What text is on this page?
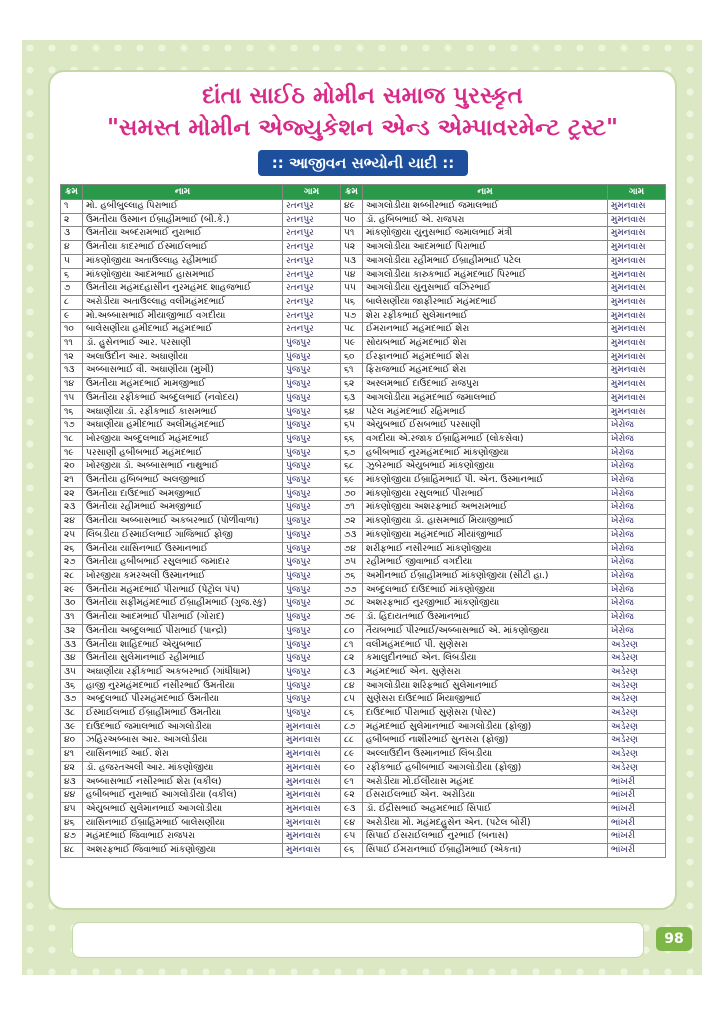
દાંતા સાઈઠ મોમીન સમાજ પુરસ્કૃત
"સમસ્ત મોમીન એજ્યુકેશન એન્ડ એમ્પાવરમેન્ટ ટ્રસ્ટ"
:: આજીવન સભ્યોની યાદી ::
ક્રમ	નામ	ગામ	ક્રમ	નામ	ગામ
૧	મો. હબીબુલ્લાહ પિરાભાઈ	રતનપુર	૪૯	આગલોડીયા શબ્બીરભાઈ જમાલભાઈ	મુમનવાસ
૨	ઉમતીયા ઉસ્માન ઈબ્રાહીમભાઈ (બી.કે.)	રતનપુર	૫૦	ડૉ. હબિબભાઈ એ. રાજપરા	મુમનવાસ
૩	ઉમતીયા અબ્દરામભાઈ નુરાભાઈ	રતનપુર	૫૧	માંકણોજીયા યુનુસભાઈ જમાલભાઈ મંત્રી	મુમનવાસ
૪	ઉમતીયા કાદરભાઈ ઈસ્માઈલભાઈ	રતનપુર	૫૨	આગલોડીયા આદમભાઈ પિરાભાઈ	મુમનવાસ
૫	માંકણોજીયા અતાઉલ્લાહ રહીમભાઈ	રતનપુર	૫૩	આગલોડીયા રહીમભાઈ ઈબ્રાહીમભાઈ પટેલ	મુમનવાસ
૬	માંકણોજીયા આદમભાઈ હાસમભાઈ	રતનપુર	૫૪	આગલોડીયા કારુકભાઈ મહંમદભાઈ પિરભાઈ	મુમનવાસ
૭	ઉમતીયા મહંમદહાસીન નુરમહંમદ શાહજભાઈ	રતનપુર	૫૫	આગલોડીયા યુનુસભાઈ વઝિરભાઈ	મુમનવાસ
૮	અરોડીયા અતાઉલ્લાહ વલીમહંમદભાઈ	રતનપુર	૫૬	બાલેસણીયા જાફીરભાઈ મહંમદભાઈ	મુમનવાસ
૯	મો.અબ્બાસભાઈ મીયાજીભાઈ વગદીયા	રતનપુર	૫૭	શેરા રફીકભાઈ સુલેમાનભાઈ	મુમનવાસ
૧૦	બાલેસણીયા હમીદભાઈ મહંમદભાઈ	રતનપુર	૫૮	ઈમરાનભાઈ મહંમદભાઈ શેરા	મુમનવાસ
૧૧	ડૉ. હુસેનભાઈ આર. પરસાણી	પુંજપુર	૫૯	સોયબભાઈ મહંમદભાઈ શેરા	મુમનવાસ
૧૨	અલાઉદીન આર. અઘાણીયા	પુંજપુર	૬૦	ઈરફાનભાઈ મહંમદભાઈ શેરા	મુમનવાસ
૧૩	અબ્બાસભાઈ વી. અઘાણીયા (મુખી)	પુંજપુર	૬૧	ફિરાજભાઈ મહંમદભાઈ શેરા	મુમનવાસ
૧૪	ઉમતીયા મહંમદભાઈ મામજીભાઈ	પુંજપુર	૬૨	અસ્લમભાઈ દાઉદભાઈ રાજપુરા	મુમનવાસ
૧૫	ઉમતીયા રફીકભાઈ અબ્દુલભાઈ (નવોદય)	પુંજપુર	૬૩	આગલોડીયા મહંમદભાઈ જમાલભાઈ	મુમનવાસ
૧૬	અઘાણીયા ડૉ. રફીકભાઈ કાસમભાઈ	પુંજપુર	૬૪	પટેલ મહંમદભાઈ રહિમભાઈ	મુમનવાસ
૧૭	અઘાણીયા હમીદભાઈ અલીમહંમદભાઈ	પુંજપુર	૬૫	એયુબભાઈ ઈસબભાઈ પરસાણી	ખેરોજ
૧૮	ખોરજીયા અબ્દુલભાઈ મહંમદભાઈ	પુંજપુર	૬૬	વગદીયા એ.રજાક ઈબ્રાહિમભાઈ (લોકસેવા)	ખેરોજ
૧૯	પરસાણી હબીબભાઈ મહંમદભાઈ	પુંજપુર	૬૭	હબીબભાઈ નુરમહંમદભાઈ માંકણોજીયા	ખેરોજ
૨૦	ખોરજીયા ડૉ. અબ્બાસભાઈ નાથુભાઈ	પુંજપુર	૬૮	ઝુબેરભાઈ એયુબભાઈ માંકણોજીયા	ખેરોજ
૨૧	ઉમતીયા હબિબભાઈ અલજીભાઈ	પુંજપુર	૬૯	માંકણોજીયા ઈબ્રાહિમભાઈ પી. એન. ઉસ્માનભાઈ	ખેરોજ
૨૨	ઉમતીયા દાઉદભાઈ અમજીભાઈ	પુંજપુર	૭૦	માંકણોજીયા રસુલભાઈ પીરાભાઈ	ખેરોજ
૨૩	ઉમતીયા રહીમભાઈ અમજીભાઈ	પુંજપુર	૭૧	માંકણોજીયા અશરફભાઈ અભરામભાઈ	ખેરોજ
૨૪	ઉમતીયા અબ્બાસભાઈ અકબરભાઈ (પોળીવાળા)	પુંજપુર	૭૨	માંકણોજીયા ડૉ. હાસમભાઈ મિયાજીભાઈ	ખેરોજ
૨૫	લિંબડીયા ઈસ્માઈલભાઈ ગાજિભાઈ ફોજી	પુંજપુર	૭૩	માંકણોજીયા મહંમદભાઈ મીયાંજીભાઈ	ખેરોજ
૨૬	ઉમતીયા યાસિનભાઈ ઉસ્માનભાઈ	પુંજપુર	૭૪	શરીફભાઈ નસીરભાઈ માંકણોજીયા	ખેરોજ
૨૭	ઉમતીયા હબીબભાઈ રસુલભાઈ જમાદાર	પુંજપુર	૭૫	રહીમભાઈ જીવાભાઈ વગદીયા	ખેરોજ
૨૮	ખોરજીયા કમરઅલી ઉસ્માનભાઈ	પુંજપુર	૭૬	અમીનભાઈ ઈબ્રાહીમભાઈ માંકણોજીયા (સીટી હા.)	ખેરોજ
૨૯	ઉમતીયા મહંમદભાઈ પીરાભાઈ (પેટ્રોલ પંપ)	પુંજપુર	૭૭	અબ્દુલભાઈ દાઉદભાઈ માંકણોજીયા	ખેરોજ
૩૦	ઉમતીયા સફીમહંમદભાઈ ઈબ્રાહીમભાઈ (ગુજ.સ્કુ)	પુંજપુર	૭૮	અશરફભાઈ નુરજીભાઈ માંકણોજીયા	ખેરોજ
૩૧	ઉમતીયા આદમભાઈ પીરાભાઈ (ગોરાદ)	પુંજપુર	૭૯	ડૉ. હિદાયતભાઈ ઉસ્માનભાઈ	ખેરોજ
૩૨	ઉમતીયા અબ્દુલભાઈ પીરાભાઈ (પાન્દ્રો)	પુંજપુર	૮૦	તૈયબભાઈ પીરભાઈ/અબ્બાસભાઈ એ. માંકણોજીયા	ખેરોજ
૩૩	ઉમતીયા શાહિદભાઈ એયુબભાઈ	પુંજપુર	૮૧	વલીમહંમદભાઈ પી. સુણેસરા	અડેરણ
૩૪	ઉમતીયા સુલેમાનભાઈ રહીમભાઈ	પુંજપુર	૮૨	કમાલુદીનભાઈ એન. લિંબડીયા	અડેરણ
૩૫	અઘાણીયા રફીકભાઈ અકબરભાઈ (ગાંધીધામ)	પુંજપુર	૮૩	મહંમદભાઈ એન. સુણેસરા	અડેરણ
૩૬	હાજી નુરમહંમદભાઈ નસીરભાઈ ઉમતીયા	પુંજપુર	૮૪	આગલોડીયા શરિફભાઈ સુલેમાનભાઈ	અડેરણ
૩૭	અબ્દુલભાઈ પીરમહંમદભાઈ ઉમતીયા	પુંજપુર	૮૫	સુણેસરા દાઉદભાઈ મિયાજીભાઈ	અડેરણ
૩૮	ઈસ્માઈલભાઈ ઈબ્રાહીમભાઈ ઉમતીયા	પુંજપુર	૮૬	દાઉદભાઈ પીરાભાઈ સુણેસરા (પોસ્ટ)	અડેરણ
૩૯	દાઉદભાઈ જમાલભાઈ આગલોડીયા	મુમનવાસ	૮૭	મહંમદભાઈ સુલેમાનભાઈ આગલોડીયા (ફોજી)	અડેરણ
૪૦	ઝહિરઅબ્બાસ આર. આગલોડીયા	મુમનવાસ	૮૮	હબીબભાઈ નાશીરભાઈ સુનસરા (ફોજી)	અડેરણ
૪૧	યાસિનભાઈ આઈ. શેરા	મુમનવાસ	૮૯	અલ્લાઉદીન ઉસ્માનભાઈ લિંબડીયા	અડેરણ
૪૨	ડૉ. હજરતઅલી આર. માંકણોજીયા	મુમનવાસ	૯૦	રફીકભાઈ હબીબભાઈ આગલોડીયા (ફોજી)	અડેરણ
૪૩	અબ્બાસભાઈ નસીરભાઈ શેરા (વકીલ)	મુમનવાસ	૯૧	અરોડીયા મો.ઈલીયાસ મહંમદ	ભાંખરી
૪૪	હબીબભાઈ નુરાભાઈ આગલોડીયા (વકીલ)	મુમનવાસ	૯૨	ઈસરાઈલભાઈ એન. અરોડિયા	ભાંખરી
૪૫	એયુબભાઈ સુલેમાનભાઈ આગલોડીયા	મુમનવાસ	૯૩	ડૉ. ઈદ્રીસભાઈ અહમદભાઈ સિપાઈ	ભાંખરી
૪૬	યાસિનભાઈ ઈબ્રાહિમભાઈ બાલેસણીયા	મુમનવાસ	૯૪	અરોડીયા મો. મહંમદહુસેન એન. (પટેલ બોરી)	ભાંખરી
૪૭	મહંમદભાઈ જિવાભાઈ રાજપરા	મુમનવાસ	૯૫	સિપાઈ ઈસરાઈલભાઈ નુરભાઈ (બનાસ)	ભાંખરી
૪૮	અશરફભાઈ જિવાભાઈ માંકણોજીયા	મુમનવાસ	૯૬	સિપાઈ ઈમરાનભાઈ ઈબ્રાહીમભાઈ (એકતા)	ભાંખરી
98
